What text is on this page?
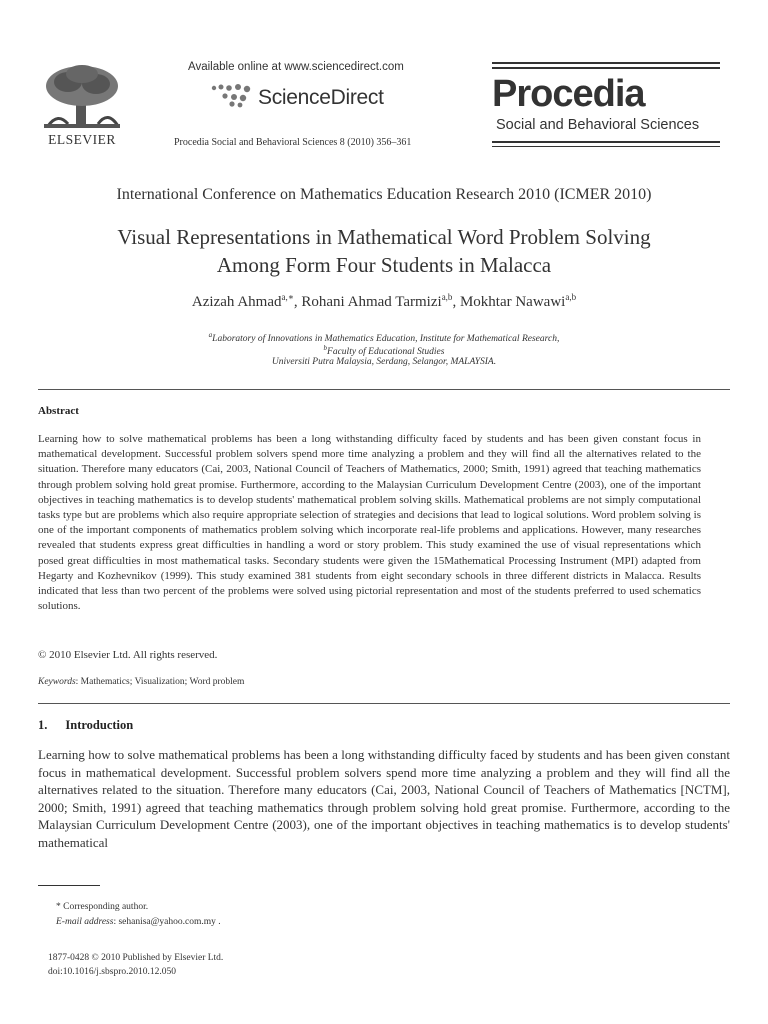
ELSEVIER
Available online at www.sciencedirect.com
ScienceDirect
Procedia Social and Behavioral Sciences 8 (2010) 356–361
Procedia
Social and Behavioral Sciences
International Conference on Mathematics Education Research 2010 (ICMER 2010)
Visual Representations in Mathematical Word Problem Solving
Among Form Four Students in Malacca
Azizah Ahmad$^{a,∗}$, Rohani Ahmad Tarmizi$^{a,b}$, Mokhtar Nawawi$^{a,b}$
$^a$Laboratory of Innovations in Mathematics Education, Institute for Mathematical Research,
$^b$Faculty of Educational Studies
Universiti Putra Malaysia, Serdang, Selangor, MALAYSIA.
Abstract

Learning how to solve mathematical problems has been a long withstanding difficulty faced by students and has been given constant focus in mathematical development. Successful problem solvers spend more time analyzing a problem and they will find all the alternatives related to the situation. Therefore many educators (Cai, 2003, National Council of Teachers of Mathematics, 2000; Smith, 1991) agreed that teaching mathematics through problem solving hold great promise. Furthermore, according to the Malaysian Curriculum Development Centre (2003), one of the important objectives in teaching mathematics is to develop students' mathematical problem solving skills. Mathematical problems are not simply computational tasks type but are problems which also require appropriate selection of strategies and decisions that lead to logical solutions. Word problem solving is one of the important components of mathematics problem solving which incorporate real-life problems and applications. However, many researches revealed that students express great difficulties in handling a word or story problem. This study examined the use of visual representations which posed great difficulties in most mathematical tasks. Secondary students were given the 15Mathematical Processing Instrument (MPI) adapted from Hegarty and Kozhevnikov (1999). This study examined 381 students from eight secondary schools in three different districts in Malacca. Results indicated that less than two percent of the problems were solved using pictorial representation and most of the students preferred to used schematics solutions.

© 2010 Elsevier Ltd. All rights reserved.
Keywords: Mathematics; Visualization; Word problem
1. Introduction

Learning how to solve mathematical problems has been a long withstanding difficulty faced by students and has been given constant focus in mathematical development. Successful problem solvers spend more time analyzing a problem and they will find all the alternatives related to the situation. Therefore many educators (Cai, 2003, National Council of Teachers of Mathematics [NCTM], 2000; Smith, 1991) agreed that teaching mathematics through problem solving hold great promise. Furthermore, according to the Malaysian Curriculum Development Centre (2003), one of the important objectives in teaching mathematics is to develop students' mathematical

* Corresponding author.
E-mail address: sehanisa@yahoo.com.my .
1877-0428 © 2010 Published by Elsevier Ltd.
doi:10.1016/j.sbspro.2010.12.050
